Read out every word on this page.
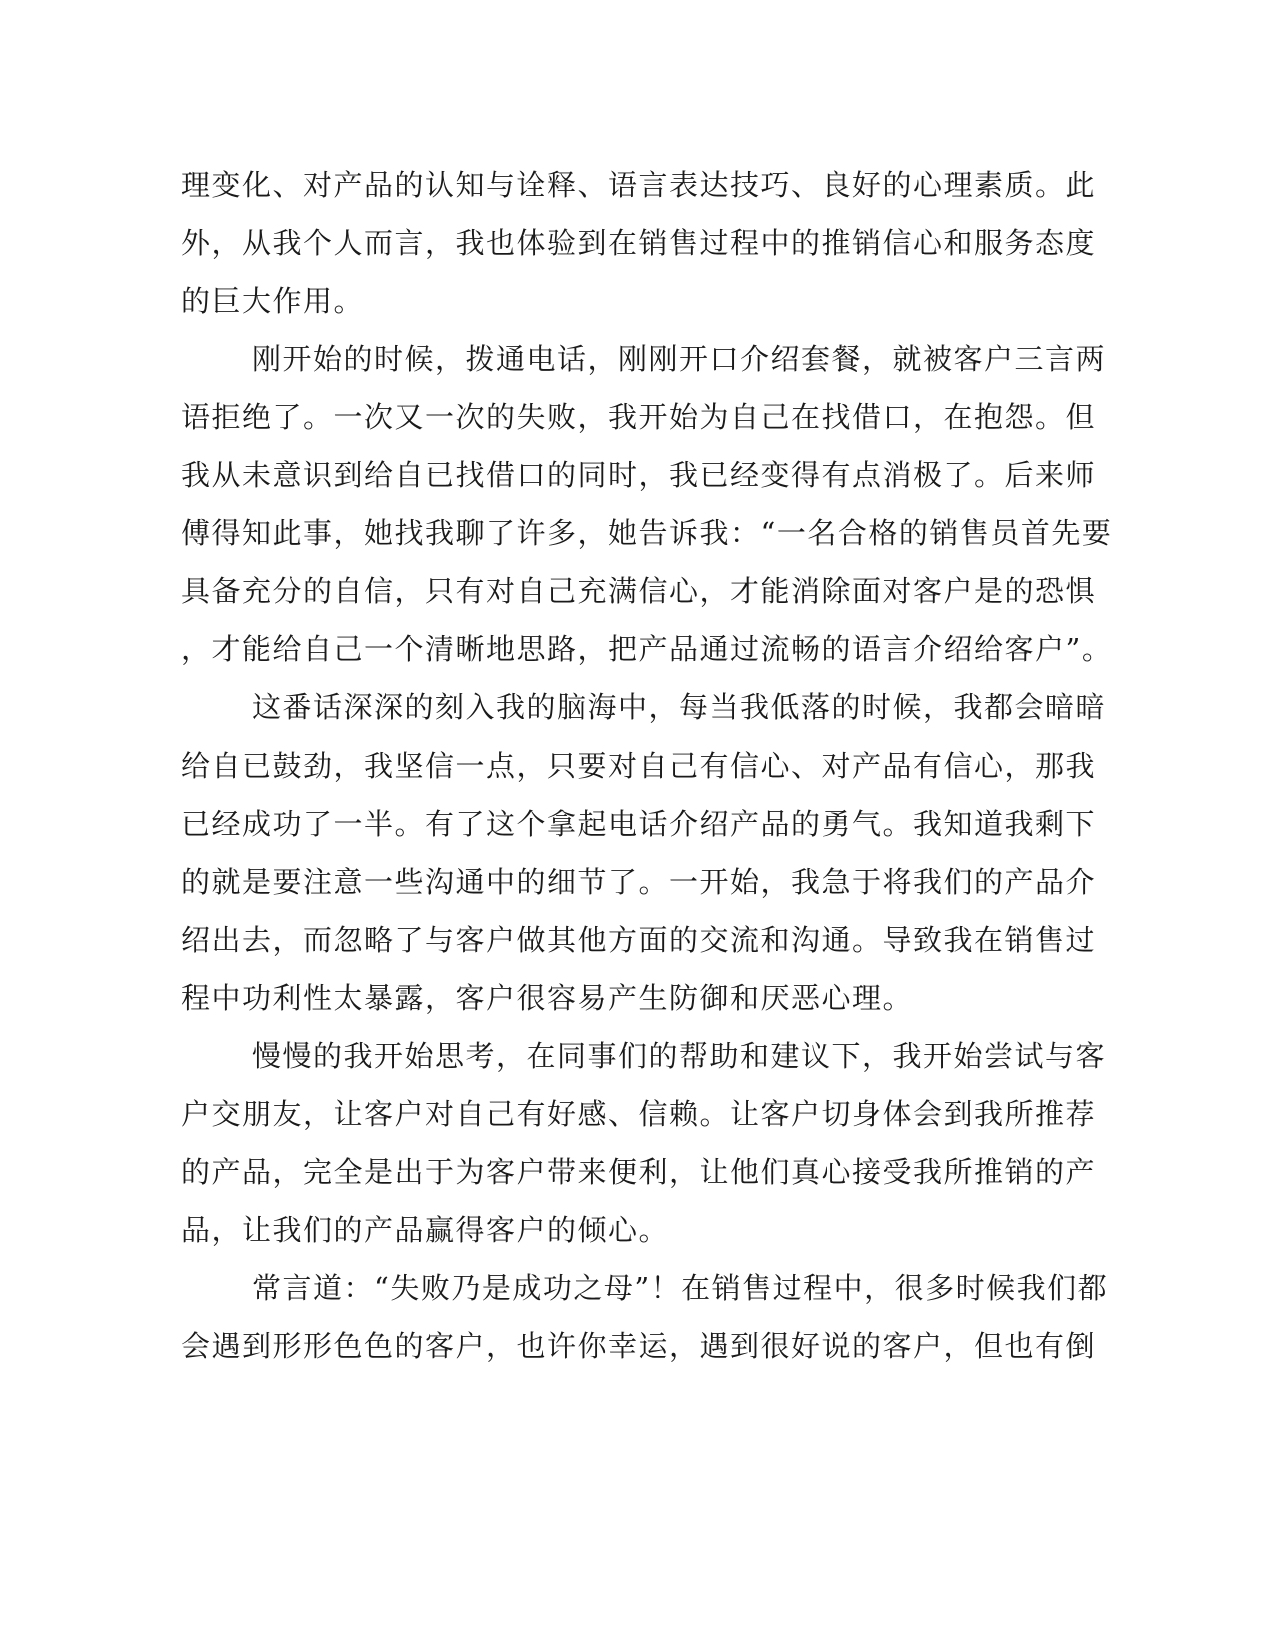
理变化、对产品的认知与诠释、语言表达技巧、良好的心理素质。此
外，从我个人而言，我也体验到在销售过程中的推销信心和服务态度
的巨大作用。
刚开始的时候，拨通电话，刚刚开口介绍套餐，就被客户三言两
语拒绝了。一次又一次的失败，我开始为自己在找借口，在抱怨。但
我从未意识到给自已找借口的同时，我已经变得有点消极了。后来师
傅得知此事，她找我聊了许多，她告诉我：“一名合格的销售员首先要
具备充分的自信，只有对自己充满信心，才能消除面对客户是的恐惧
，才能给自己一个清晰地思路，把产品通过流畅的语言介绍给客户”。
这番话深深的刻入我的脑海中，每当我低落的时候，我都会暗暗
给自已鼓劲，我坚信一点，只要对自己有信心、对产品有信心，那我
已经成功了一半。有了这个拿起电话介绍产品的勇气。我知道我剩下
的就是要注意一些沟通中的细节了。一开始，我急于将我们的产品介
绍出去，而忽略了与客户做其他方面的交流和沟通。导致我在销售过
程中功利性太暴露，客户很容易产生防御和厌恶心理。
慢慢的我开始思考，在同事们的帮助和建议下，我开始尝试与客
户交朋友，让客户对自己有好感、信赖。让客户切身体会到我所推荐
的产品，完全是出于为客户带来便利，让他们真心接受我所推销的产
品，让我们的产品赢得客户的倾心。
常言道：“失败乃是成功之母”！在销售过程中，很多时候我们都
会遇到形形色色的客户，也许你幸运，遇到很好说的客户，但也有倒
